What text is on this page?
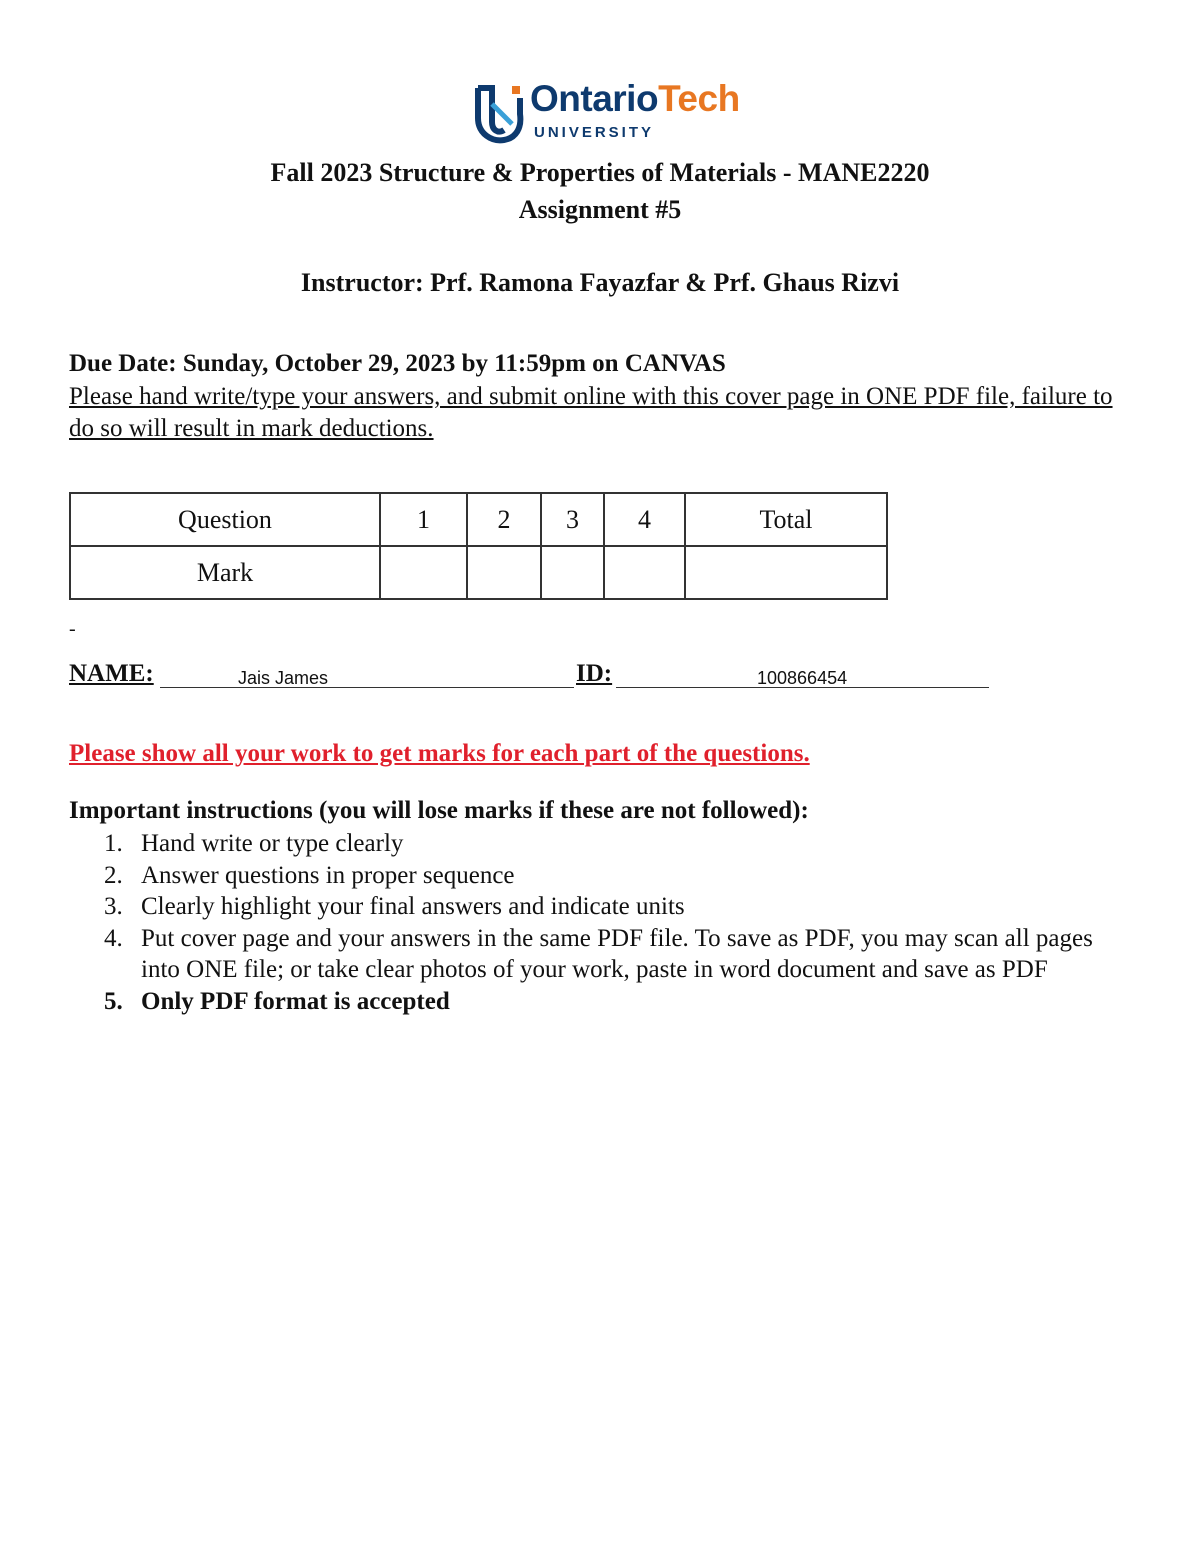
OntarioTech
UNIVERSITY
Fall 2023 Structure & Properties of Materials - MANE2220
Assignment #5
Instructor: Prf. Ramona Fayazfar & Prf. Ghaus Rizvi
Due Date: Sunday, October 29, 2023 by 11:59pm on CANVAS
Please hand write/type your answers, and submit online with this cover page in ONE PDF file, failure to do so will result in mark deductions.
Question	1	2	3	4	Total
Mark					
-
NAME:	Jais James	ID:	100866454
Please show all your work to get marks for each part of the questions.
Important instructions (you will lose marks if these are not followed):
1. Hand write or type clearly
2. Answer questions in proper sequence
3. Clearly highlight your final answers and indicate units
4. Put cover page and your answers in the same PDF file. To save as PDF, you may scan all pages into ONE file; or take clear photos of your work, paste in word document and save as PDF
5. Only PDF format is accepted
